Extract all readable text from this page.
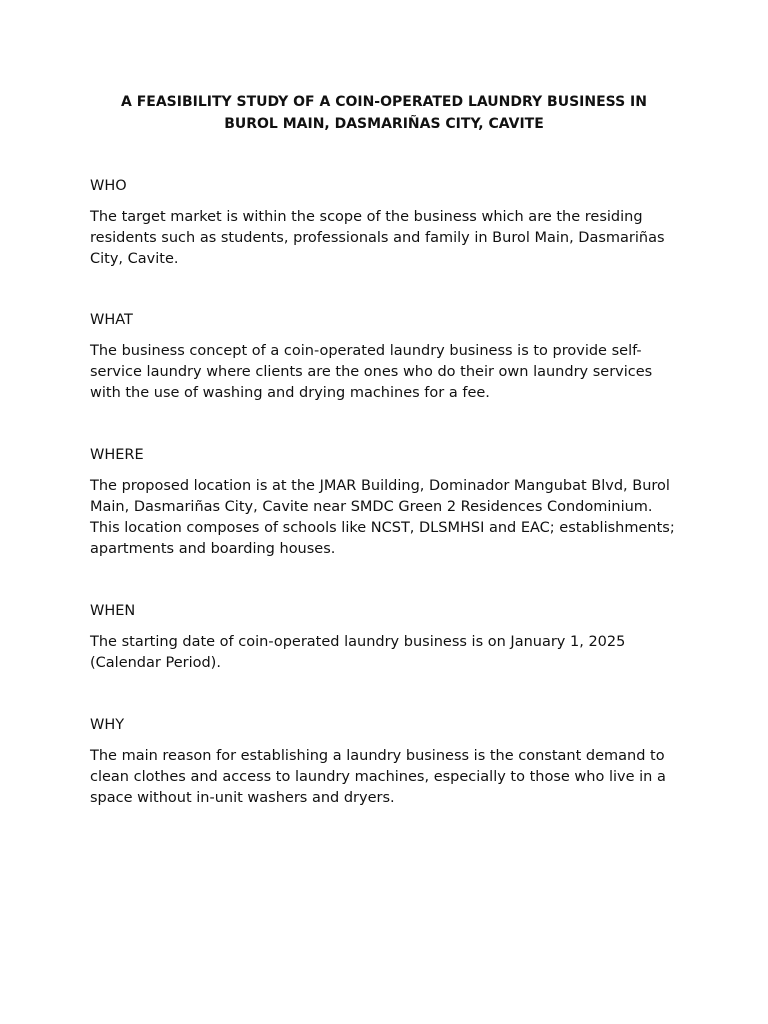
A FEASIBILITY STUDY OF A COIN-OPERATED LAUNDRY BUSINESS IN
BUROL MAIN, DASMARIÑAS CITY, CAVITE
WHO

The target market is within the scope of the business which are the residing residents such as students, professionals and family in Burol Main, Dasmariñas City, Cavite.

WHAT

The business concept of a coin-operated laundry business is to provide self-service laundry where clients are the ones who do their own laundry services with the use of washing and drying machines for a fee.

WHERE

The proposed location is at the JMAR Building, Dominador Mangubat Blvd, Burol Main, Dasmariñas City, Cavite near SMDC Green 2 Residences Condominium. This location composes of schools like NCST, DLSMHSI and EAC; establishments; apartments and boarding houses.

WHEN

The starting date of coin-operated laundry business is on January 1, 2025 (Calendar Period).

WHY

The main reason for establishing a laundry business is the constant demand to clean clothes and access to laundry machines, especially to those who live in a space without in-unit washers and dryers.
